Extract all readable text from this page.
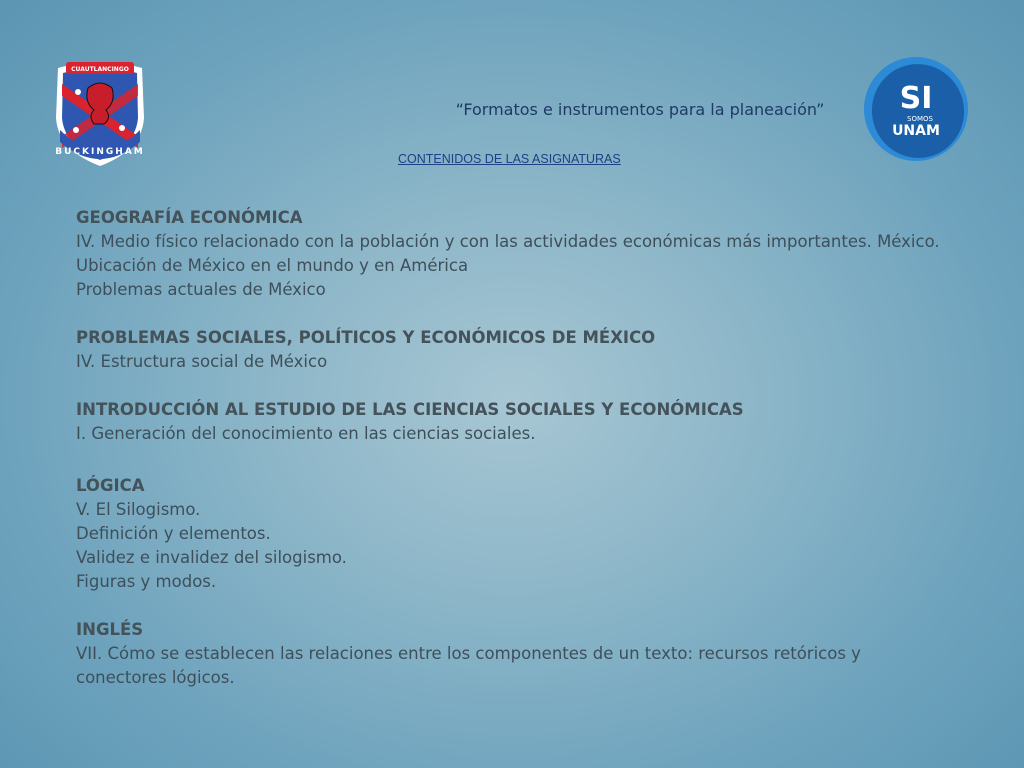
CUAUTLANCINGO
BUCKINGHAM
SI
SOMOS
UNAM
“Formatos e instrumentos para la planeación”
CONTENIDOS DE LAS ASIGNATURAS
GEOGRAFÍA ECONÓMICA
IV. Medio físico relacionado con la población y con las actividades económicas más importantes. México.
Ubicación de México en el mundo y en América
Problemas actuales de México
PROBLEMAS SOCIALES, POLÍTICOS Y ECONÓMICOS DE MÉXICO
IV. Estructura social de México
INTRODUCCIÓN AL ESTUDIO DE LAS CIENCIAS SOCIALES Y ECONÓMICAS
I. Generación del conocimiento en las ciencias sociales.
LÓGICA
V. El Silogismo.
Definición y elementos.
Validez e invalidez del silogismo.
Figuras y modos.
INGLÉS
VII. Cómo se establecen las relaciones entre los componentes de un texto: recursos retóricos y
conectores lógicos.
